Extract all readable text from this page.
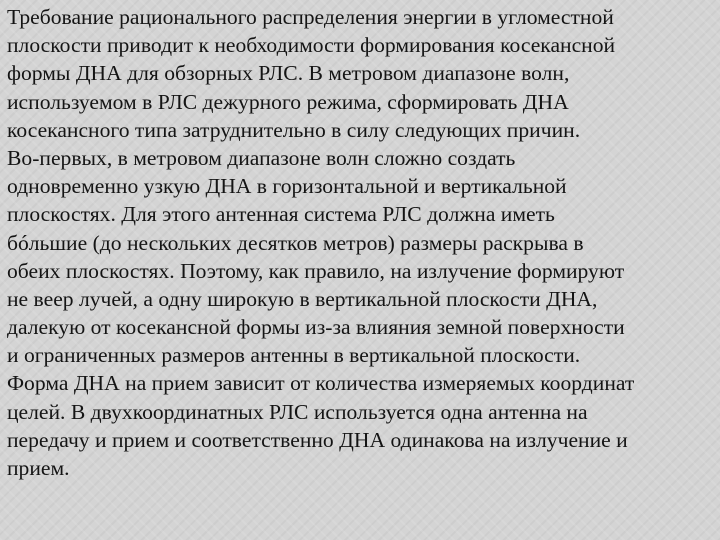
Требование рационального распределения энергии в угломестной
плоскости приводит к необходимости формирования косекансной
формы ДНА для обзорных РЛС. В метровом диапазоне волн,
используемом в РЛС дежурного режима, сформировать ДНА
косекансного типа затруднительно в силу следующих причин.
Во-первых, в метровом диапазоне волн сложно создать
одновременно узкую ДНА в горизонтальной и вертикальной
плоскостях. Для этого антенная система РЛС должна иметь
бóльшие (до нескольких десятков метров) размеры раскрыва в
обеих плоскостях. Поэтому, как правило, на излучение формируют
не веер лучей, а одну широкую в вертикальной плоскости ДНА,
далекую от косекансной формы из-за влияния земной поверхности
и ограниченных размеров антенны в вертикальной плоскости.
Форма ДНА на прием зависит от количества измеряемых координат
целей. В двухкоординатных РЛС используется одна антенна на
передачу и прием и соответственно ДНА одинакова на излучение и
прием.
